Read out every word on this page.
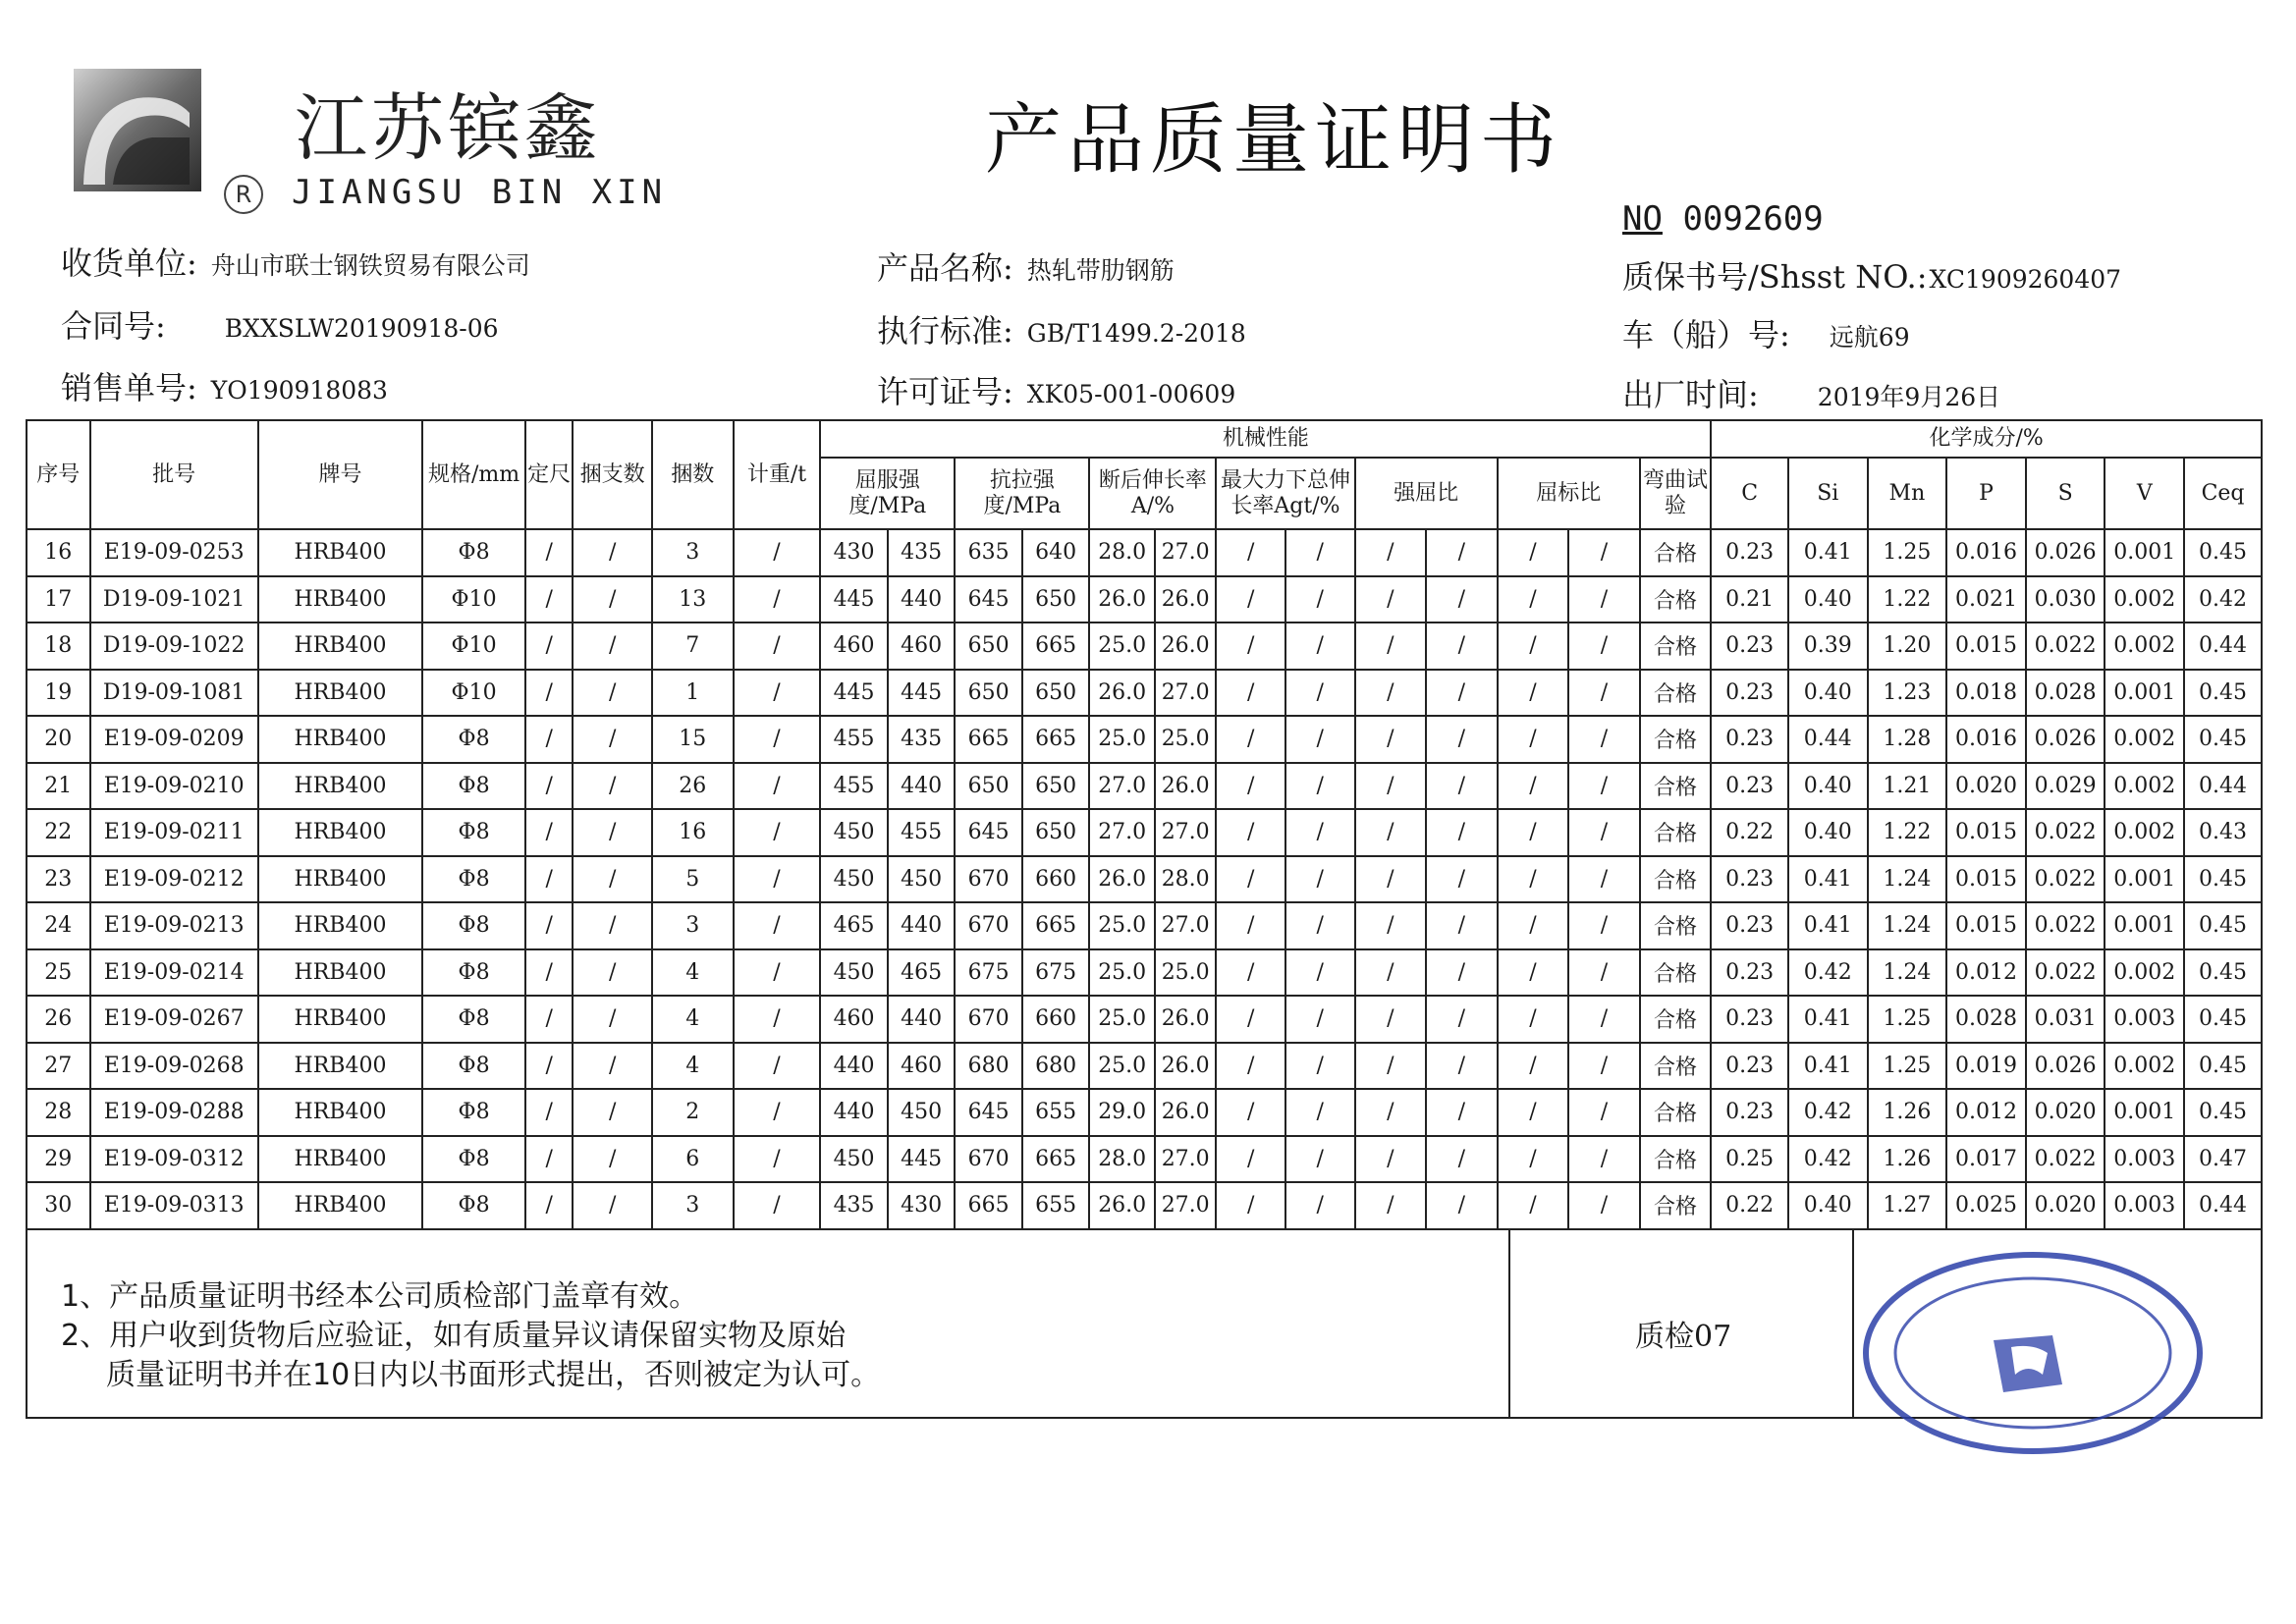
江苏镔鑫
R	JIANGSU BIN XIN
产品质量证明书
收货单位: 舟山市联士钢铁贸易有限公司
合同号: BXXSLW20190918-06
销售单号: YO190918083
产品名称: 热轧带肋钢筋
执行标准: GB/T1499.2-2018
许可证号: XK05-001-00609
NO 0092609
质保书号/Shsst NO.:XC1909260407
车（船）号: 远航69
出厂时间: 2019年9月26日
序号	批号	牌号	规格/mm	定尺	捆支数	捆数	计重/t	机械性能													化学成分/%						
								屈服强度/MPa		抗拉强度/MPa		断后伸长率A/%		最大力下总伸长率Agt/%		强屈比		屈标比		弯曲试验	C	Si	Mn	P	S	V	Ceq
16	E19-09-0253	HRB400	Φ8	/	/	3	/	430	435	635	640	28.0	27.0	/	/	/	/	/	/	合格	0.23	0.41	1.25	0.016	0.026	0.001	0.45
17	D19-09-1021	HRB400	Φ10	/	/	13	/	445	440	645	650	26.0	26.0	/	/	/	/	/	/	合格	0.21	0.40	1.22	0.021	0.030	0.002	0.42
18	D19-09-1022	HRB400	Φ10	/	/	7	/	460	460	650	665	25.0	26.0	/	/	/	/	/	/	合格	0.23	0.39	1.20	0.015	0.022	0.002	0.44
19	D19-09-1081	HRB400	Φ10	/	/	1	/	445	445	650	650	26.0	27.0	/	/	/	/	/	/	合格	0.23	0.40	1.23	0.018	0.028	0.001	0.45
20	E19-09-0209	HRB400	Φ8	/	/	15	/	455	435	665	665	25.0	25.0	/	/	/	/	/	/	合格	0.23	0.44	1.28	0.016	0.026	0.002	0.45
21	E19-09-0210	HRB400	Φ8	/	/	26	/	455	440	650	650	27.0	26.0	/	/	/	/	/	/	合格	0.23	0.40	1.21	0.020	0.029	0.002	0.44
22	E19-09-0211	HRB400	Φ8	/	/	16	/	450	455	645	650	27.0	27.0	/	/	/	/	/	/	合格	0.22	0.40	1.22	0.015	0.022	0.002	0.43
23	E19-09-0212	HRB400	Φ8	/	/	5	/	450	450	670	660	26.0	28.0	/	/	/	/	/	/	合格	0.23	0.41	1.24	0.015	0.022	0.001	0.45
24	E19-09-0213	HRB400	Φ8	/	/	3	/	465	440	670	665	25.0	27.0	/	/	/	/	/	/	合格	0.23	0.41	1.24	0.015	0.022	0.001	0.45
25	E19-09-0214	HRB400	Φ8	/	/	4	/	450	465	675	675	25.0	25.0	/	/	/	/	/	/	合格	0.23	0.42	1.24	0.012	0.022	0.002	0.45
26	E19-09-0267	HRB400	Φ8	/	/	4	/	460	440	670	660	25.0	26.0	/	/	/	/	/	/	合格	0.23	0.41	1.25	0.028	0.031	0.003	0.45
27	E19-09-0268	HRB400	Φ8	/	/	4	/	440	460	680	680	25.0	26.0	/	/	/	/	/	/	合格	0.23	0.41	1.25	0.019	0.026	0.002	0.45
28	E19-09-0288	HRB400	Φ8	/	/	2	/	440	450	645	655	29.0	26.0	/	/	/	/	/	/	合格	0.23	0.42	1.26	0.012	0.020	0.001	0.45
29	E19-09-0312	HRB400	Φ8	/	/	6	/	450	445	670	665	28.0	27.0	/	/	/	/	/	/	合格	0.25	0.42	1.26	0.017	0.022	0.003	0.47
30	E19-09-0313	HRB400	Φ8	/	/	3	/	435	430	665	655	26.0	27.0	/	/	/	/	/	/	合格	0.22	0.40	1.27	0.025	0.020	0.003	0.44
1、产品质量证明书经本公司质检部门盖章有效。
2、用户收到货物后应验证，如有质量异议请保留实物及原始
质量证明书并在10日内以书面形式提出，否则被定为认可。
质检07
